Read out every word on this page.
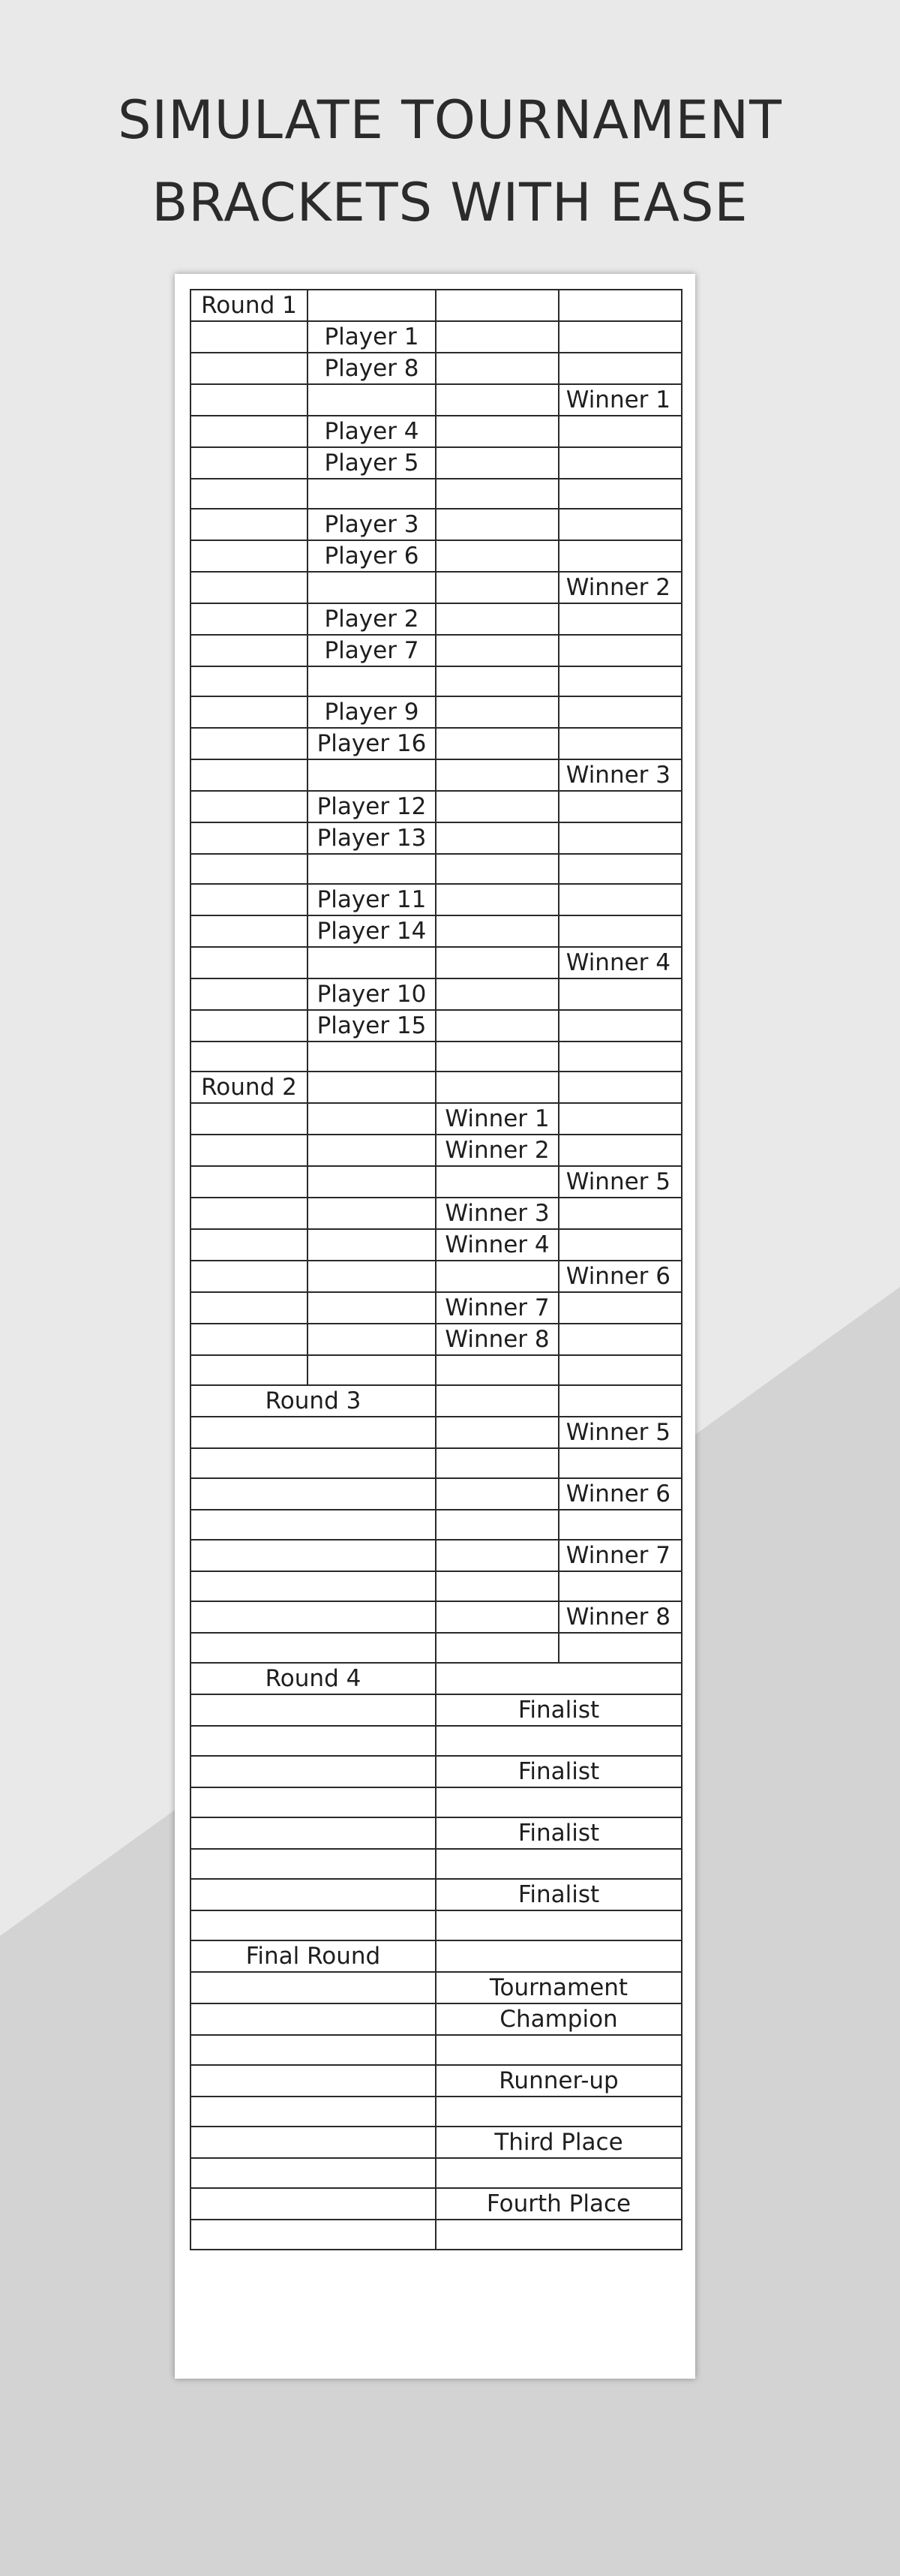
SIMULATE TOURNAMENT
BRACKETS WITH EASE
Round 1			
	Player 1		
	Player 8		
			Winner 1
	Player 4		
	Player 5		

	Player 3		
	Player 6		
			Winner 2
	Player 2		
	Player 7		

	Player 9		
	Player 16		
			Winner 3
	Player 12		
	Player 13		

	Player 11		
	Player 14		
			Winner 4
	Player 10		
	Player 15		

Round 2			
		Winner 1	
		Winner 2	
			Winner 5
		Winner 3	
		Winner 4	
			Winner 6
		Winner 7	
		Winner 8	

Round 3			
			Winner 5

			Winner 6

			Winner 7

			Winner 8

Round 4			
		Finalist	

		Finalist	

		Finalist	

		Finalist	

Final Round			
		Tournament	
		Champion	

		Runner-up	

		Third Place	

		Fourth Place	
